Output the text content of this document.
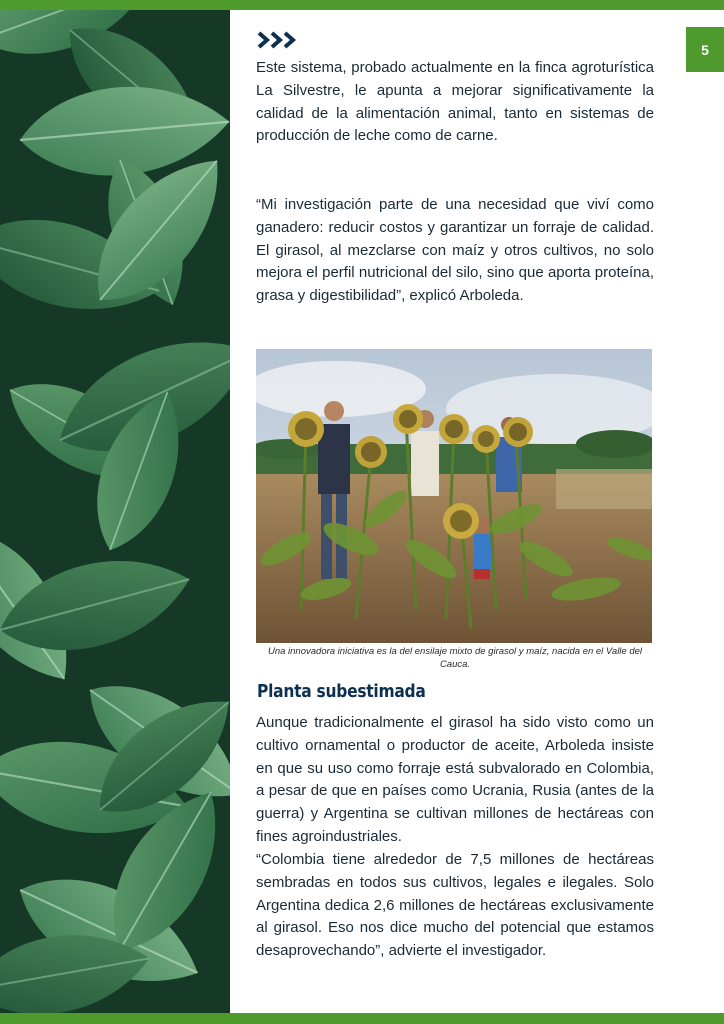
5

Este sistema, probado actualmente en la finca agroturística La Silvestre, le apunta a mejorar significativamente la calidad de la alimentación animal, tanto en sistemas de producción de leche como de carne.

“Mi investigación parte de una necesidad que viví como ganadero: reducir costos y garantizar un forraje de calidad. El girasol, al mezclarse con maíz y otros cultivos, no solo mejora el perfil nutricional del silo, sino que aporta proteína, grasa y digestibilidad”, explicó Arboleda.

Una innovadora iniciativa es la del ensilaje mixto de girasol y maíz, nacida en el Valle del Cauca.

Planta subestimada

Aunque tradicionalmente el girasol ha sido visto como un cultivo ornamental o productor de aceite, Arboleda insiste en que su uso como forraje está subvalorado en Colombia, a pesar de que en países como Ucrania, Rusia (antes de la guerra) y Argentina se cultivan millones de hectáreas con fines agroindustriales.

“Colombia tiene alrededor de 7,5 millones de hectáreas sembradas en todos sus cultivos, legales e ilegales. Solo Argentina dedica 2,6 millones de hectáreas exclusivamente al girasol. Eso nos dice mucho del potencial que estamos desaprovechando”, advierte el investigador.
